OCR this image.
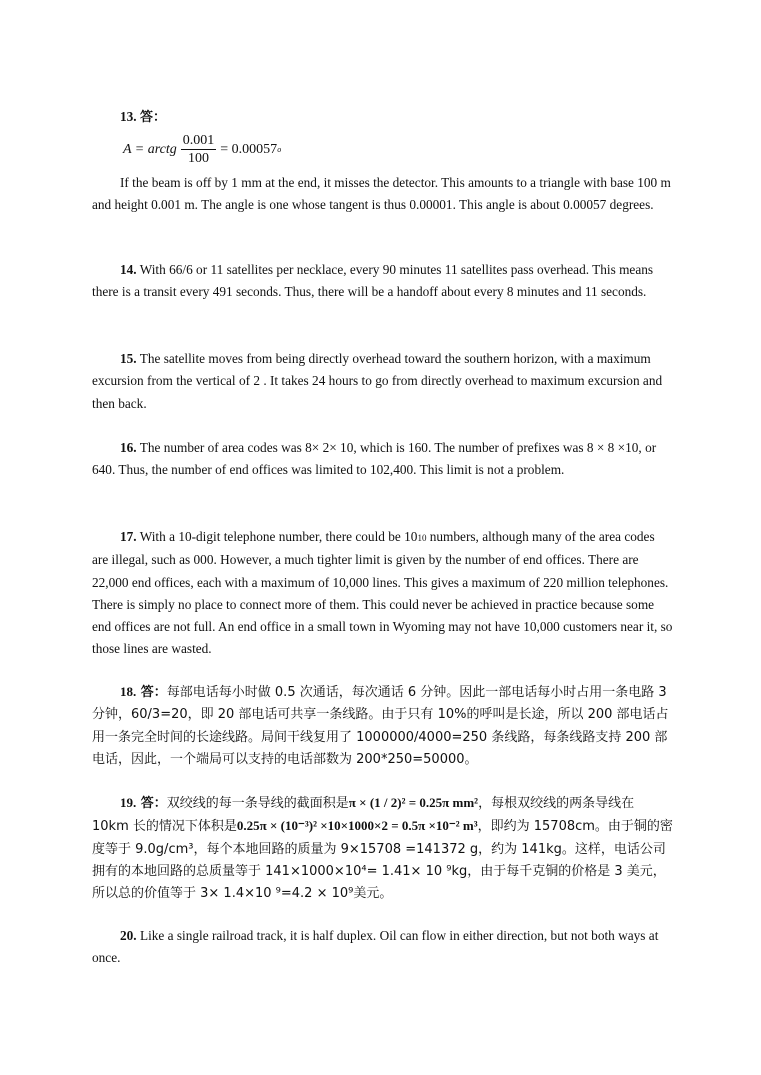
13. 答：

A = arctg $\frac{0.001}{100} = 0.00057$ o

If the beam is off by 1 mm at the end, it misses the detector. This amounts to a triangle with base 100 m and height 0.001 m. The angle is one whose tangent is thus 0.00001. This angle is about 0.00057 degrees.

14. With 66/6 or 11 satellites per necklace, every 90 minutes 11 satellites pass overhead. This means there is a transit every 491 seconds. Thus, there will be a handoff about every 8 minutes and 11 seconds.

15. The satellite moves from being directly overhead toward the southern horizon, with a maximum excursion from the vertical of 2 . It takes 24 hours to go from directly overhead to maximum excursion and then back.

16. The number of area codes was 8× 2× 10, which is 160. The number of prefixes was 8 × 8 ×10, or 640. Thus, the number of end offices was limited to 102,400. This limit is not a problem.

17. With a 10-digit telephone number, there could be 1010 numbers, although many of the area codes are illegal, such as 000. However, a much tighter limit is given by the number of end offices. There are 22,000 end offices, each with a maximum of 10,000 lines. This gives a maximum of 220 million telephones. There is simply no place to connect more of them. This could never be achieved in practice because some end offices are not full. An end office in a small town in Wyoming may not have 10,000 customers near it, so those lines are wasted.

18. 答：每部电话每小时做 0.5 次通话，每次通话 6 分钟。因此一部电话每小时占用一条电路 3 分钟，60/3=20，即 20 部电话可共享一条线路。由于只有 10%的呼叫是长途，所以 200 部电话占用一条完全时间的长途线路。局间干线复用了 1000000/4000=250 条线路，每条线路支持 200 部电话，因此，一个端局可以支持的电话部数为 200*250=50000。

19. 答：双绞线的每一条导线的截面积是π × (1 / 2)² = 0.25π mm²，每根双绞线的两条导线在 10km 长的情况下体积是0.25π × (10⁻³)² ×10×1000×2 = 0.5π ×10⁻² m³，即约为 15708cm。由于铜的密度等于 9.0g/cm³，每个本地回路的质量为 9×15708 =141372 g，约为 141kg。这样，电话公司拥有的本地回路的总质量等于 141×1000×10⁴= 1.41× 10 ⁹kg，由于每千克铜的价格是 3 美元，所以总的价值等于 3× 1.4×10 ⁹=4.2 × 10⁹美元。

20. Like a single railroad track, it is half duplex. Oil can flow in either direction, but not both ways at once.
